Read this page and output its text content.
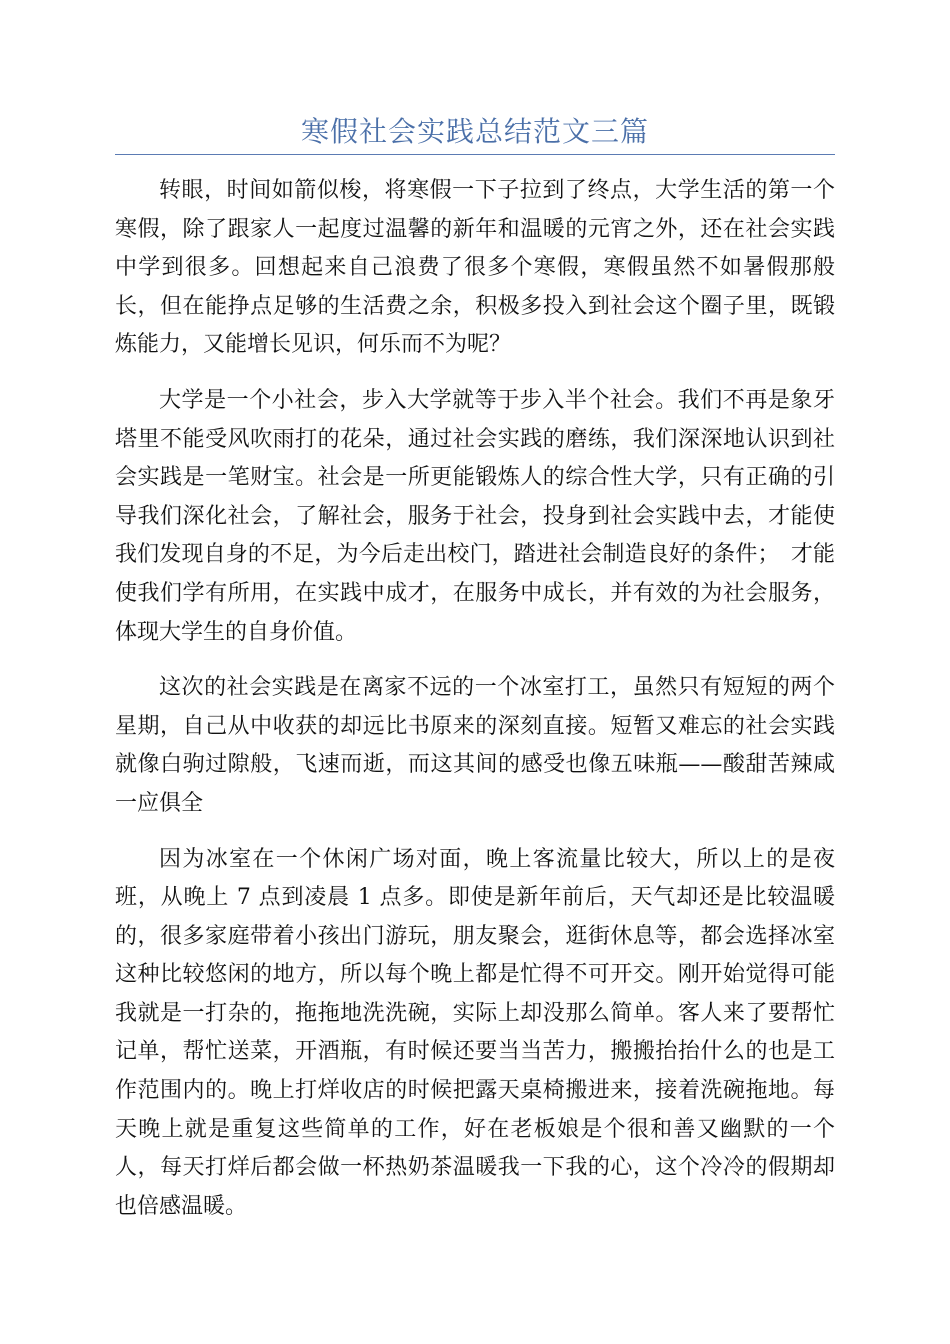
寒假社会实践总结范文三篇

转眼，时间如箭似梭，将寒假一下子拉到了终点，大学生活的第一个寒假，除了跟家人一起度过温馨的新年和温暖的元宵之外，还在社会实践中学到很多。回想起来自己浪费了很多个寒假，寒假虽然不如暑假那般长，但在能挣点足够的生活费之余，积极多投入到社会这个圈子里，既锻炼能力，又能增长见识，何乐而不为呢？

大学是一个小社会，步入大学就等于步入半个社会。我们不再是象牙塔里不能受风吹雨打的花朵，通过社会实践的磨练，我们深深地认识到社会实践是一笔财宝。社会是一所更能锻炼人的综合性大学，只有正确的引导我们深化社会，了解社会，服务于社会，投身到社会实践中去，才能使我们发现自身的不足，为今后走出校门，踏进社会制造良好的条件；　才能使我们学有所用，在实践中成才，在服务中成长，并有效的为社会服务，体现大学生的自身价值。

这次的社会实践是在离家不远的一个冰室打工，虽然只有短短的两个星期，自己从中收获的却远比书原来的深刻直接。短暂又难忘的社会实践就像白驹过隙般，飞速而逝，而这其间的感受也像五味瓶——酸甜苦辣咸一应俱全

因为冰室在一个休闲广场对面，晚上客流量比较大，所以上的是夜班，从晚上 7 点到凌晨 1 点多。即使是新年前后，天气却还是比较温暖的，很多家庭带着小孩出门游玩，朋友聚会，逛街休息等，都会选择冰室这种比较悠闲的地方，所以每个晚上都是忙得不可开交。刚开始觉得可能我就是一打杂的，拖拖地洗洗碗，实际上却没那么简单。客人来了要帮忙记单，帮忙送菜，开酒瓶，有时候还要当当苦力，搬搬抬抬什么的也是工作范围内的。晚上打烊收店的时候把露天桌椅搬进来，接着洗碗拖地。每天晚上就是重复这些简单的工作，好在老板娘是个很和善又幽默的一个人，每天打烊后都会做一杯热奶茶温暖我一下我的心，这个冷冷的假期却也倍感温暖。
